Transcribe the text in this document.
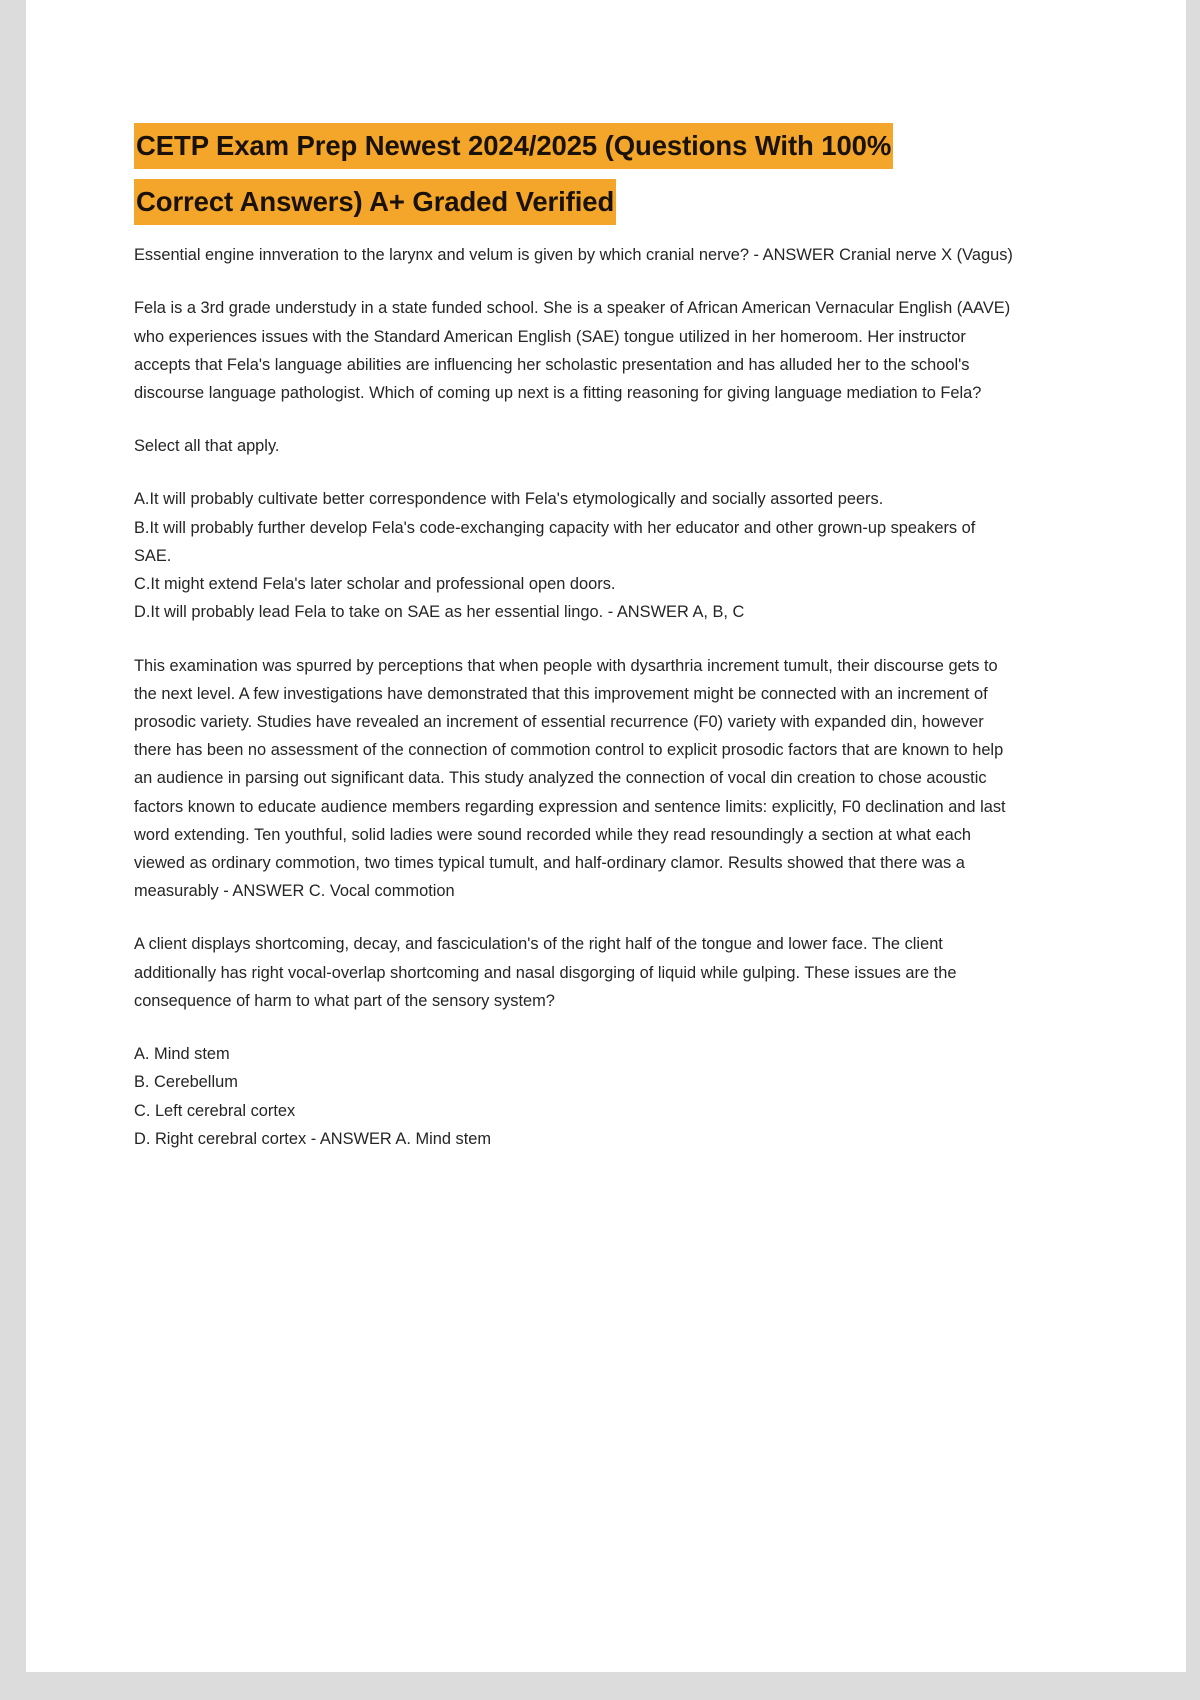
CETP Exam Prep Newest 2024/2025 (Questions With 100%
Correct Answers) A+ Graded Verified

Essential engine innveration to the larynx and velum is given by which cranial nerve? - ANSWER Cranial nerve X (Vagus)

Fela is a 3rd grade understudy in a state funded school. She is a speaker of African American Vernacular English (AAVE) who experiences issues with the Standard American English (SAE) tongue utilized in her homeroom. Her instructor accepts that Fela's language abilities are influencing her scholastic presentation and has alluded her to the school's discourse language pathologist. Which of coming up next is a fitting reasoning for giving language mediation to Fela?

Select all that apply.

A.It will probably cultivate better correspondence with Fela's etymologically and socially assorted peers.
B.It will probably further develop Fela's code-exchanging capacity with her educator and other grown-up speakers of SAE.
C.It might extend Fela's later scholar and professional open doors.
D.It will probably lead Fela to take on SAE as her essential lingo. - ANSWER A, B, C

This examination was spurred by perceptions that when people with dysarthria increment tumult, their discourse gets to the next level. A few investigations have demonstrated that this improvement might be connected with an increment of prosodic variety. Studies have revealed an increment of essential recurrence (F0) variety with expanded din, however there has been no assessment of the connection of commotion control to explicit prosodic factors that are known to help an audience in parsing out significant data. This study analyzed the connection of vocal din creation to chose acoustic factors known to educate audience members regarding expression and sentence limits: explicitly, F0 declination and last word extending. Ten youthful, solid ladies were sound recorded while they read resoundingly a section at what each viewed as ordinary commotion, two times typical tumult, and half-ordinary clamor. Results showed that there was a measurably - ANSWER C. Vocal commotion

A client displays shortcoming, decay, and fasciculation's of the right half of the tongue and lower face. The client additionally has right vocal-overlap shortcoming and nasal disgorging of liquid while gulping. These issues are the consequence of harm to what part of the sensory system?

A. Mind stem
B. Cerebellum
C. Left cerebral cortex
D. Right cerebral cortex - ANSWER A. Mind stem
